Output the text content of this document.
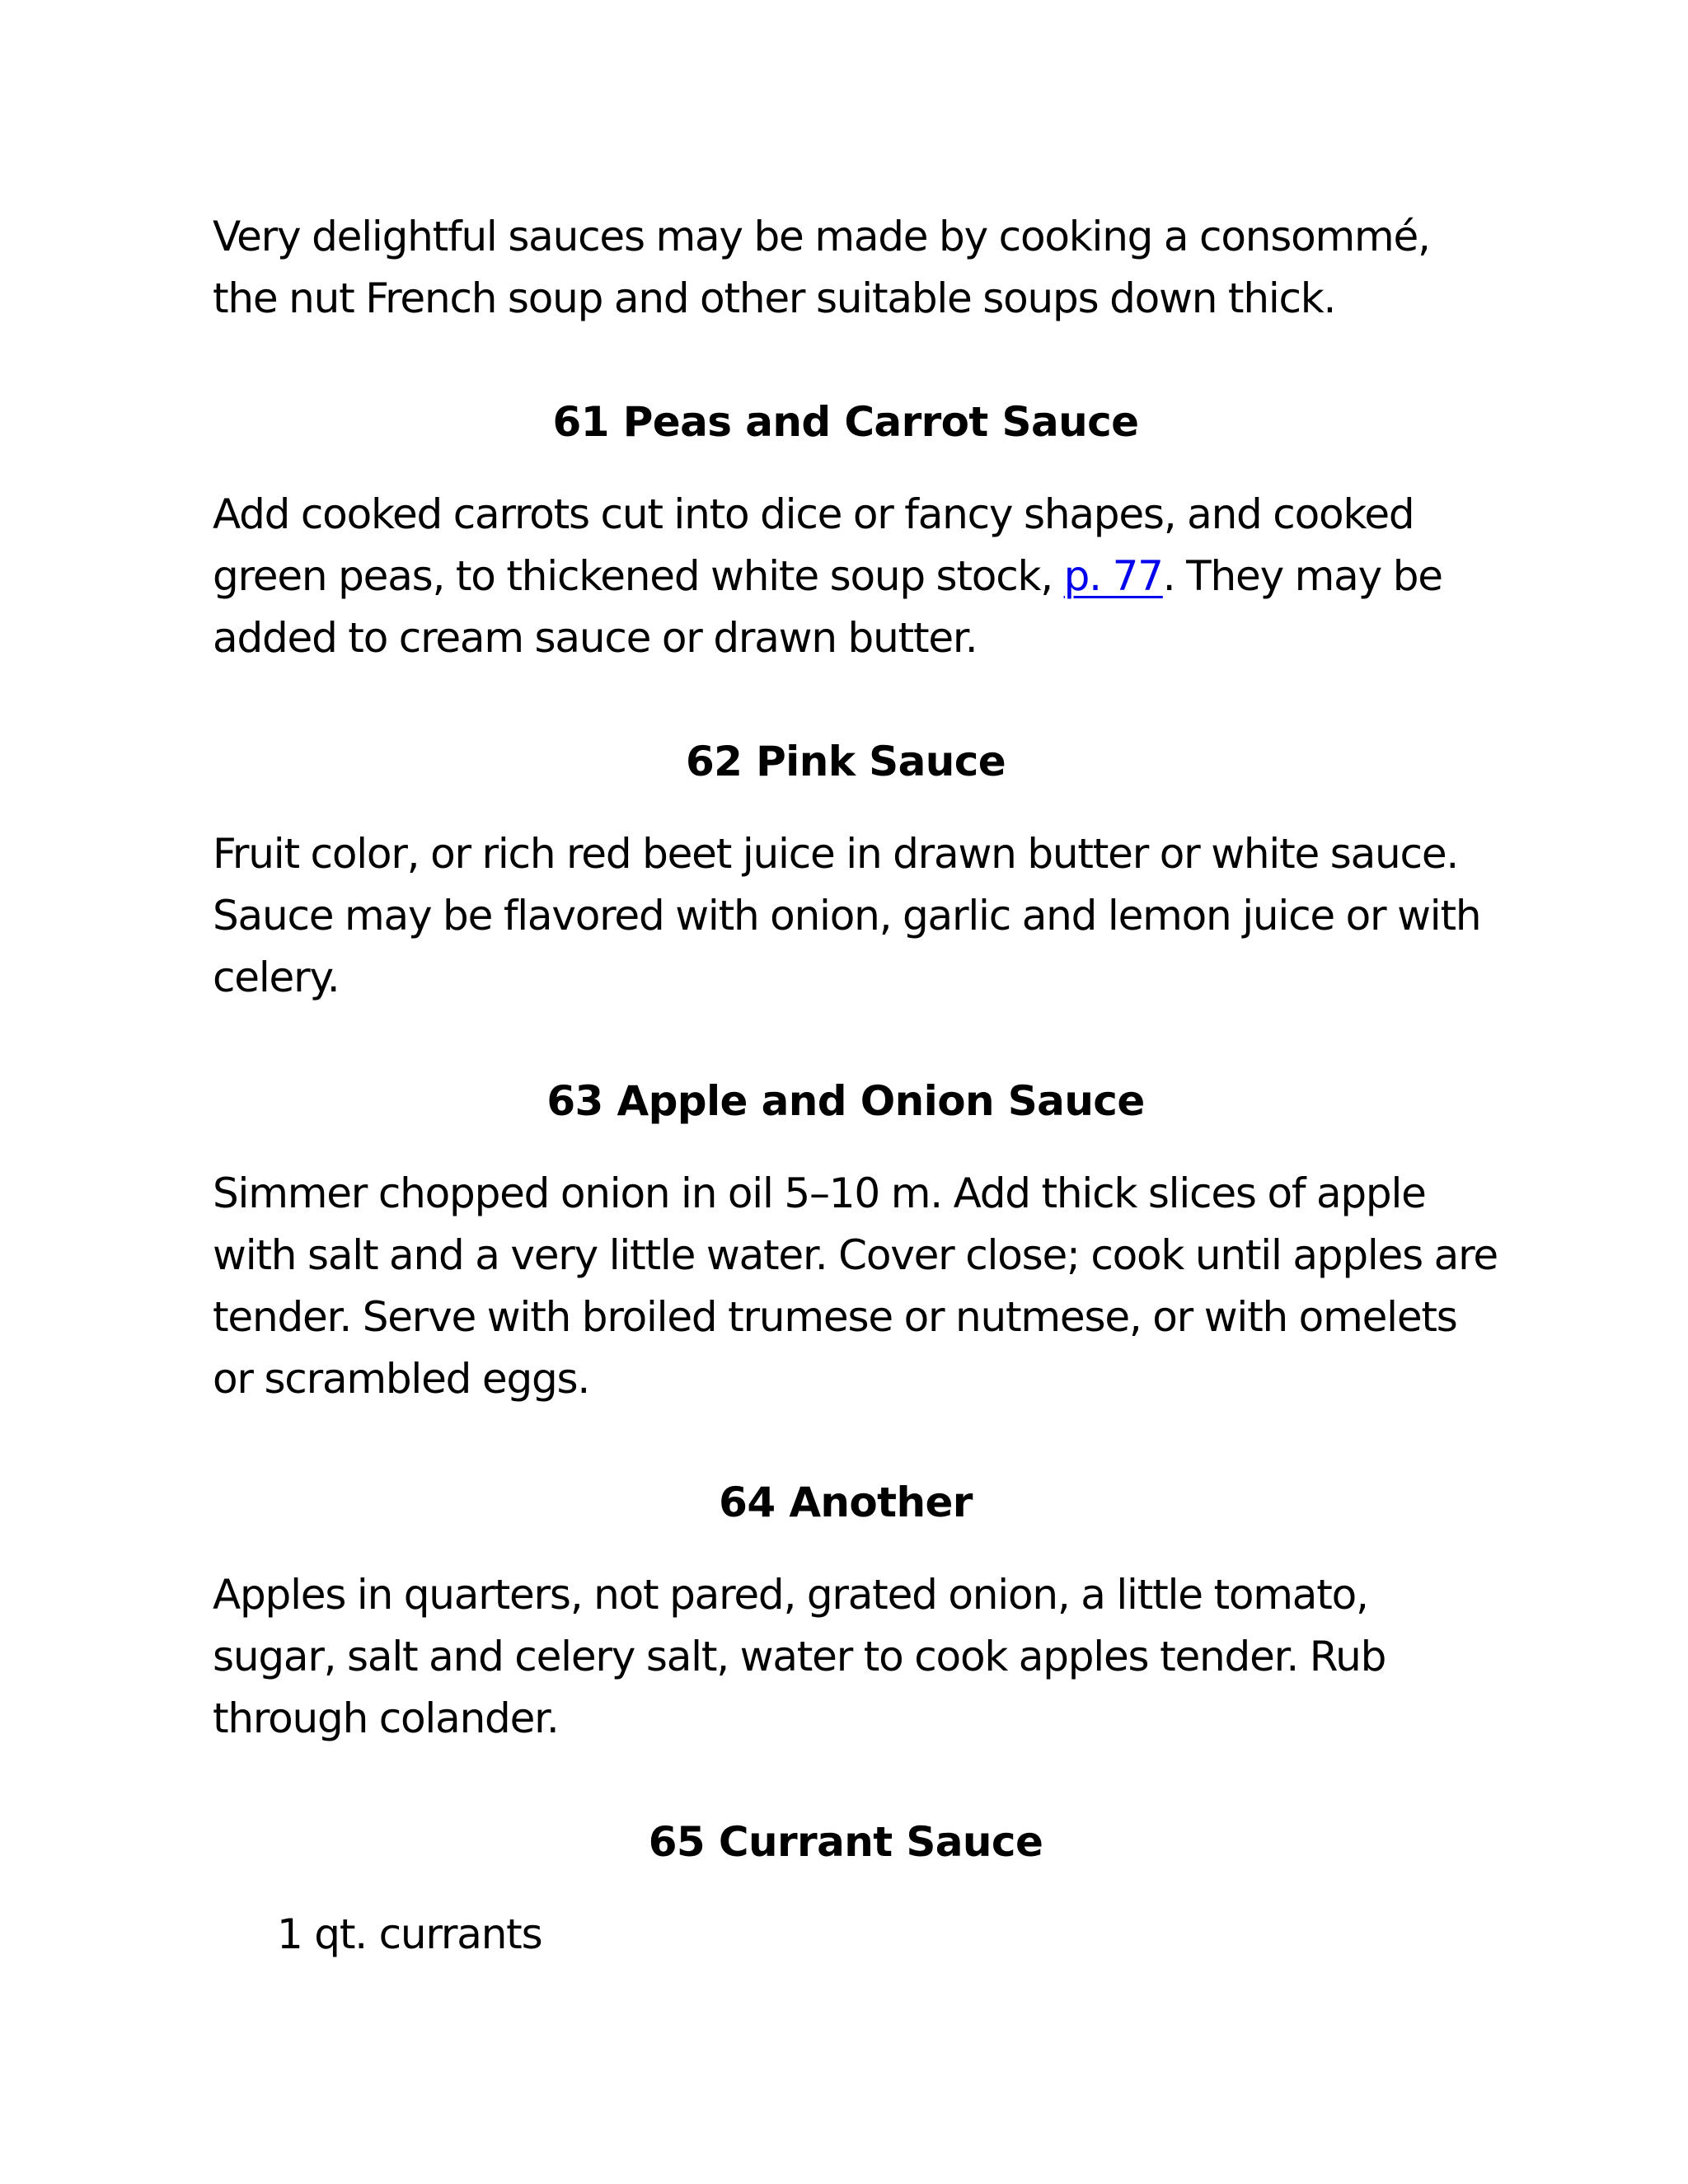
Very delightful sauces may be made by cooking a consommé, the nut French soup and other suitable soups down thick.

61 Peas and Carrot Sauce

Add cooked carrots cut into dice or fancy shapes, and cooked green peas, to thickened white soup stock, p. 77. They may be added to cream sauce or drawn butter.

62 Pink Sauce

Fruit color, or rich red beet juice in drawn butter or white sauce. Sauce may be flavored with onion, garlic and lemon juice or with celery.

63 Apple and Onion Sauce

Simmer chopped onion in oil 5–10 m. Add thick slices of apple with salt and a very little water. Cover close; cook until apples are tender. Serve with broiled trumese or nutmese, or with omelets or scrambled eggs.

64 Another

Apples in quarters, not pared, grated onion, a little tomato, sugar, salt and celery salt, water to cook apples tender. Rub through colander.

65 Currant Sauce

1 qt. currants
